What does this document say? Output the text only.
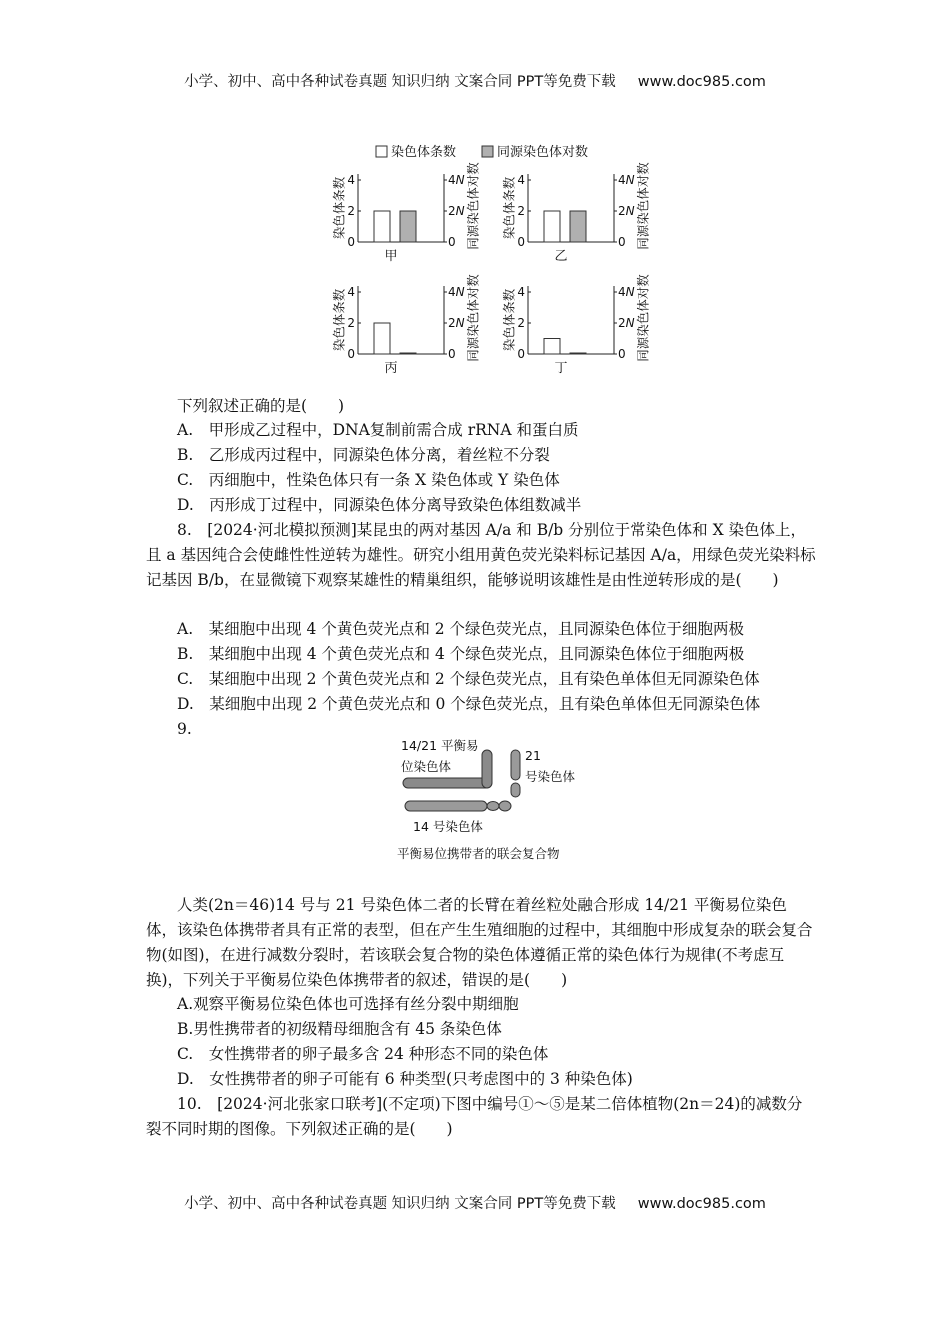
小学、初中、高中各种试卷真题 知识归纳 文案合同 PPT等免费下载 www.doc985.com
染色体条数	同源染色体对数
染色体条数	同源染色体对数
4	4N
2	2N
0	0
甲
染色体条数	同源染色体对数
4	4N
2	2N
0	0
乙
染色体条数	同源染色体对数
4	4N
2	2N
0	0
丙
染色体条数	同源染色体对数
4	4N
2	2N
0	0
丁
下列叙述正确的是(　　)
A.　甲形成乙过程中，DNA复制前需合成 rRNA 和蛋白质
B.　乙形成丙过程中，同源染色体分离，着丝粒不分裂
C.　丙细胞中，性染色体只有一条 X 染色体或 Y 染色体
D.　丙形成丁过程中，同源染色体分离导致染色体组数减半
8.　[2024·河北模拟预测]某昆虫的两对基因 A/a 和 B/b 分别位于常染色体和 X 染色体上，且 a 基因纯合会使雌性性逆转为雄性。研究小组用黄色荧光染料标记基因 A/a，用绿色荧光染料标记基因 B/b，在显微镜下观察某雄性的精巢组织，能够说明该雄性是由性逆转形成的是(　　)
A.　某细胞中出现 4 个黄色荧光点和 2 个绿色荧光点，且同源染色体位于细胞两极
B.　某细胞中出现 4 个黄色荧光点和 4 个绿色荧光点，且同源染色体位于细胞两极
C.　某细胞中出现 2 个黄色荧光点和 2 个绿色荧光点，且有染色单体但无同源染色体
D.　某细胞中出现 2 个黄色荧光点和 0 个绿色荧光点，且有染色单体但无同源染色体
9.
14/21 平衡易
位染色体
21
号染色体
14 号染色体
平衡易位携带者的联会复合物
人类(2n＝46)14 号与 21 号染色体二者的长臂在着丝粒处融合形成 14/21 平衡易位染色体，该染色体携带者具有正常的表型，但在产生生殖细胞的过程中，其细胞中形成复杂的联会复合物(如图)，在进行减数分裂时，若该联会复合物的染色体遵循正常的染色体行为规律(不考虑互换)，下列关于平衡易位染色体携带者的叙述，错误的是(　　)
A.观察平衡易位染色体也可选择有丝分裂中期细胞
B.男性携带者的初级精母细胞含有 45 条染色体
C.　女性携带者的卵子最多含 24 种形态不同的染色体
D.　女性携带者的卵子可能有 6 种类型(只考虑图中的 3 种染色体)
10.　[2024·河北张家口联考](不定项)下图中编号①～⑤是某二倍体植物(2n＝24)的减数分裂不同时期的图像。下列叙述正确的是(　　)
小学、初中、高中各种试卷真题 知识归纳 文案合同 PPT等免费下载 www.doc985.com
